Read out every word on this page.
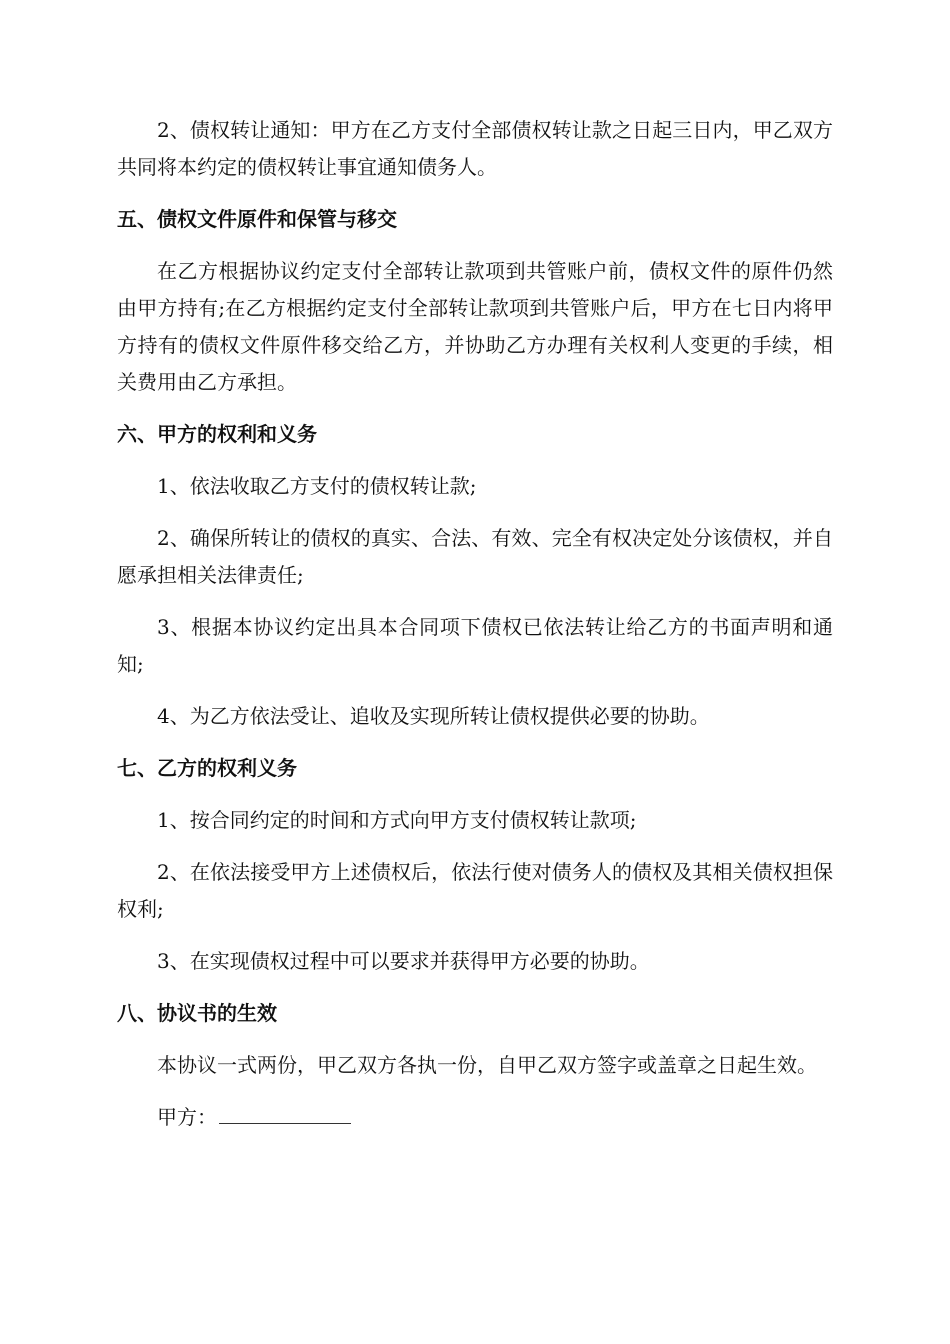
2、债权转让通知：甲方在乙方支付全部债权转让款之日起三日内，甲乙双方共同将本约定的债权转让事宜通知债务人。

五、债权文件原件和保管与移交

在乙方根据协议约定支付全部转让款项到共管账户前，债权文件的原件仍然由甲方持有;在乙方根据约定支付全部转让款项到共管账户后，甲方在七日内将甲方持有的债权文件原件移交给乙方，并协助乙方办理有关权利人变更的手续，相关费用由乙方承担。

六、甲方的权利和义务

1、依法收取乙方支付的债权转让款;

2、确保所转让的债权的真实、合法、有效、完全有权决定处分该债权，并自愿承担相关法律责任;

3、根据本协议约定出具本合同项下债权已依法转让给乙方的书面声明和通知;

4、为乙方依法受让、追收及实现所转让债权提供必要的协助。

七、乙方的权利义务

1、按合同约定的时间和方式向甲方支付债权转让款项;

2、在依法接受甲方上述债权后，依法行使对债务人的债权及其相关债权担保权利;

3、在实现债权过程中可以要求并获得甲方必要的协助。

八、协议书的生效

本协议一式两份，甲乙双方各执一份，自甲乙双方签字或盖章之日起生效。

甲方：
